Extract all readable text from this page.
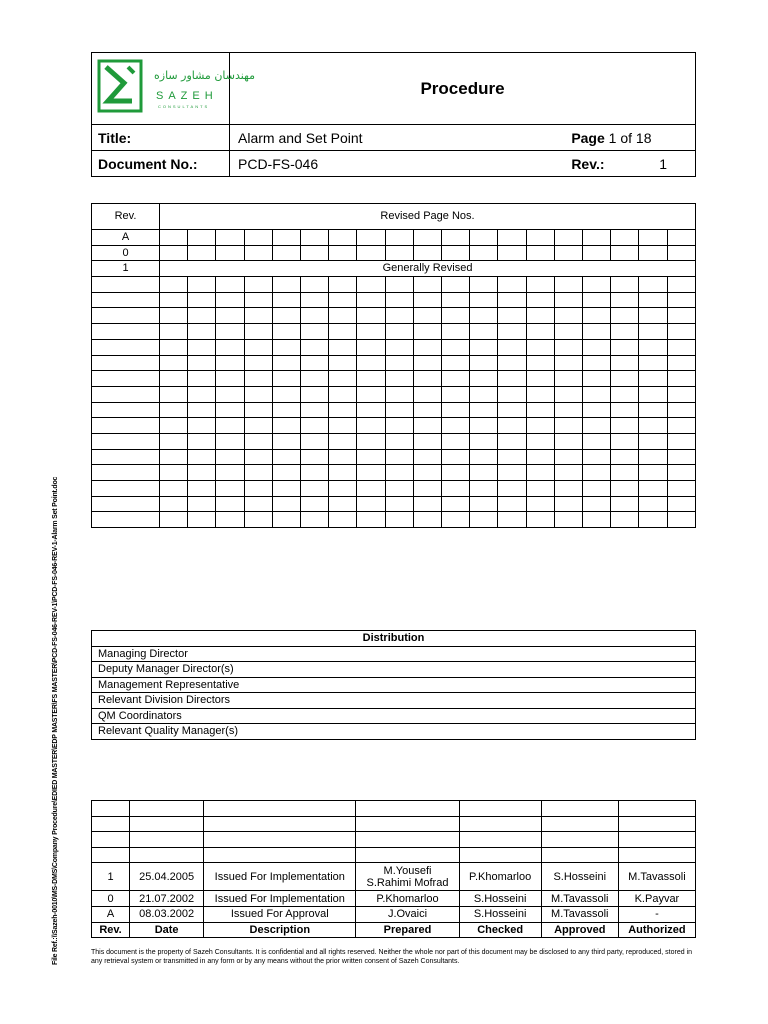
File Ref.:\\Sazeh-0010\MS-DMS\Company Procedure\EDIED MASTER\EDP MASTER\FS MASTER\PCD-FS-046-REV-1\PCD-FS-046-REV-1-Alarm Set Point.doc
مهندسان مشاور سازه
SAZEH
CONSULTANTS	Procedure		
Title:	Alarm and Set Point	Page 1 of 18	
Document No.:	PCD-FS-046	Rev.:	1
Rev.	Revised Page Nos.																		
A																			
0																			
1	Generally Revised																		

Distribution
Managing Director
Deputy Manager Director(s)
Management Representative
Relevant Division Directors
QM Coordinators
Relevant Quality Manager(s)

1	25.04.2005	Issued For Implementation	M.Yousefi
S.Rahimi Mofrad	P.Khomarloo	S.Hosseini	M.Tavassoli
0	21.07.2002	Issued For Implementation	P.Khomarloo	S.Hosseini	M.Tavassoli	K.Payvar
A	08.03.2002	Issued For Approval	J.Ovaici	S.Hosseini	M.Tavassoli	-
Rev.	Date	Description	Prepared	Checked	Approved	Authorized
This document is the property of Sazeh Consultants. It is confidential and all rights reserved. Neither the whole nor part of this document may be disclosed to any third party, reproduced, stored in any retrieval system or transmitted in any form or by any means without the prior written consent of Sazeh Consultants.
